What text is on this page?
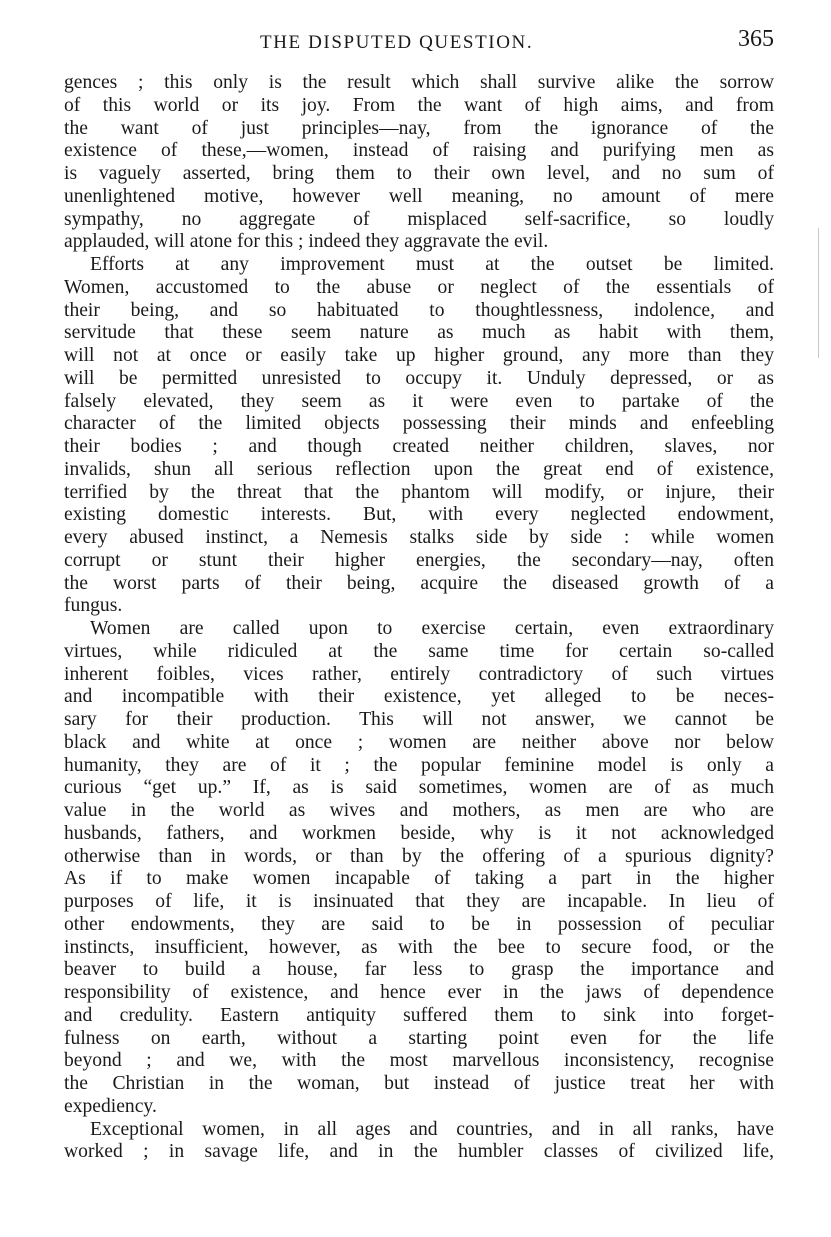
THE DISPUTED QUESTION.	365
gences ; this only is the result which shall survive alike the sorrow
of this world or its joy. From the want of high aims, and from
the want of just principles—nay, from the ignorance of the
existence of these,—women, instead of raising and purifying men as
is vaguely asserted, bring them to their own level, and no sum of
unenlightened motive, however well meaning, no amount of mere
sympathy, no aggregate of misplaced self-sacrifice, so loudly
applauded, will atone for this ; indeed they aggravate the evil.
Efforts at any improvement must at the outset be limited.
Women, accustomed to the abuse or neglect of the essentials of
their being, and so habituated to thoughtlessness, indolence, and
servitude that these seem nature as much as habit with them,
will not at once or easily take up higher ground, any more than they
will be permitted unresisted to occupy it. Unduly depressed, or as
falsely elevated, they seem as it were even to partake of the
character of the limited objects possessing their minds and enfeebling
their bodies ; and though created neither children, slaves, nor
invalids, shun all serious reflection upon the great end of existence,
terrified by the threat that the phantom will modify, or injure, their
existing domestic interests. But, with every neglected endowment,
every abused instinct, a Nemesis stalks side by side : while women
corrupt or stunt their higher energies, the secondary—nay, often
the worst parts of their being, acquire the diseased growth of a
fungus.
Women are called upon to exercise certain, even extraordinary
virtues, while ridiculed at the same time for certain so-called
inherent foibles, vices rather, entirely contradictory of such virtues
and incompatible with their existence, yet alleged to be neces-
sary for their production. This will not answer, we cannot be
black and white at once ; women are neither above nor below
humanity, they are of it ; the popular feminine model is only a
curious “get up.” If, as is said sometimes, women are of as much
value in the world as wives and mothers, as men are who are
husbands, fathers, and workmen beside, why is it not acknowledged
otherwise than in words, or than by the offering of a spurious dignity?
As if to make women incapable of taking a part in the higher
purposes of life, it is insinuated that they are incapable. In lieu of
other endowments, they are said to be in possession of peculiar
instincts, insufficient, however, as with the bee to secure food, or the
beaver to build a house, far less to grasp the importance and
responsibility of existence, and hence ever in the jaws of dependence
and credulity. Eastern antiquity suffered them to sink into forget-
fulness on earth, without a starting point even for the life
beyond ; and we, with the most marvellous inconsistency, recognise
the Christian in the woman, but instead of justice treat her with
expediency.
Exceptional women, in all ages and countries, and in all ranks, have
worked ; in savage life, and in the humbler classes of civilized life,
